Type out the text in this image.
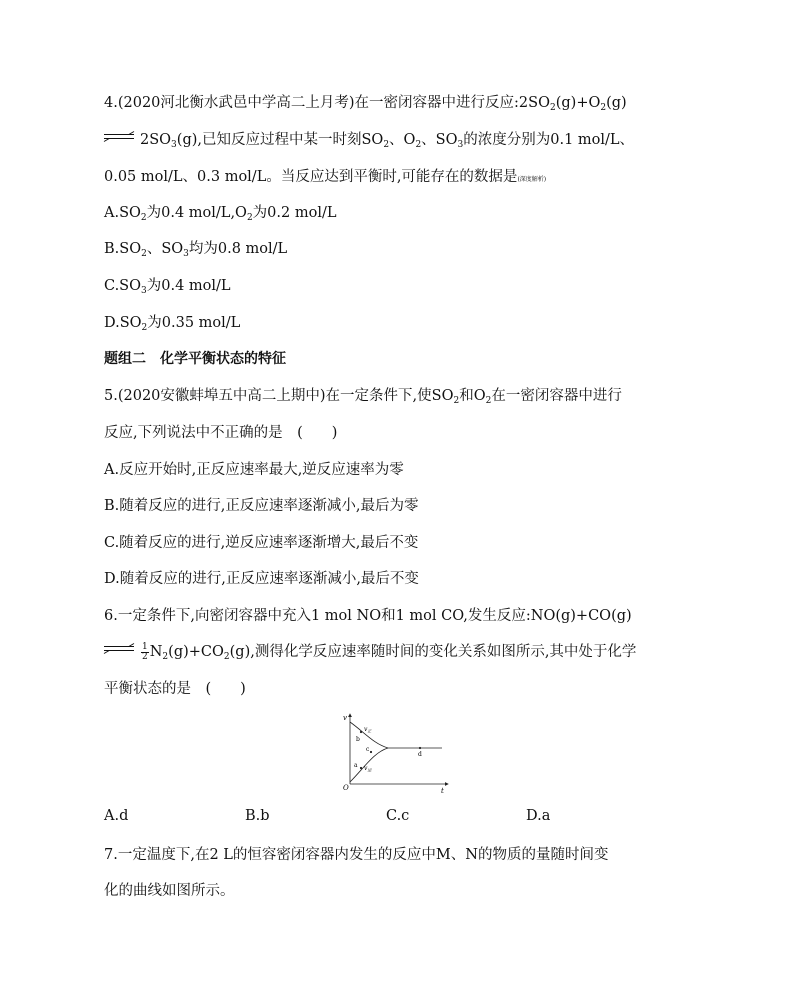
4.(2020河北衡水武邑中学高二上月考)在一密闭容器中进行反应$:2SO_2(g)+O_2(g)$
$2SO_3(g)$,已知反应过程中某一时刻$SO_2$、$O_2$、$SO_3$的浓度分别为0.1 mol/L、
0.05 mol/L、0.3 mol/L。当反应达到平衡时,可能存在的数据是(深度解析)
$A.SO_2$为0.4 mol/$L,O_2$为0.2 mol/L
$B.SO_2$、$SO_3$均为0.8 mol/L
$C.SO_3$为0.4 mol/L
$D.SO_2$为0.35 mol/L
题组二　化学平衡状态的特征
5.(2020安徽蚌埠五中高二上期中)在一定条件下,使$SO_2$和$O_2$在一密闭容器中进行
反应,下列说法中不正确的是　(　　)
A.反应开始时,正反应速率最大,逆反应速率为零
B.随着反应的进行,正反应速率逐渐减小,最后为零
C.随着反应的进行,逆反应速率逐渐增大,最后不变
D.随着反应的进行,正反应速率逐渐减小,最后不变
6.一定条件下,向密闭容器中充入1 mol NO和1 mol CO,发生反应:NO(g)+CO(g)
$\frac{1}{2} N_2(g)+CO_2(g)$,测得化学反应速率随时间的变化关系如图所示,其中处于化学
平衡状态的是　(　　)
v
t
O
$v_正$
$v_逆$
b
c
a
d
A.d	B.b	C.c	D.a
7.一定温度下,在2 L的恒容密闭容器内发生的反应中M、N的物质的量随时间变
化的曲线如图所示。
